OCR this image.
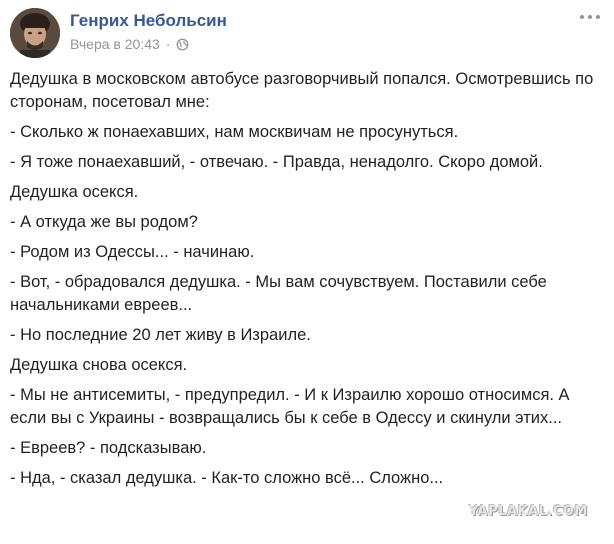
Генрих Небольсин
Вчера в 20:43 ·

Дедушка в московском автобусе разговорчивый попался. Осмотревшись по сторонам, посетовал мне:

- Сколько ж понаехавших, нам москвичам не просунуться.

- Я тоже понаехавший, - отвечаю. - Правда, ненадолго. Скоро домой.

Дедушка осекся.

- А откуда же вы родом?

- Родом из Одессы... - начинаю.

- Вот, - обрадовался дедушка. - Мы вам сочувствуем. Поставили себе начальниками евреев...

- Но последние 20 лет живу в Израиле.

Дедушка снова осекся.

- Мы не антисемиты, - предупредил. - И к Израилю хорошо относимся. А если вы с Украины - возвращались бы к себе в Одессу и скинули этих...

- Евреев? - подсказываю.

- Нда, - сказал дедушка. - Как-то сложно всё... Сложно...

YAPLAKAL.COM
